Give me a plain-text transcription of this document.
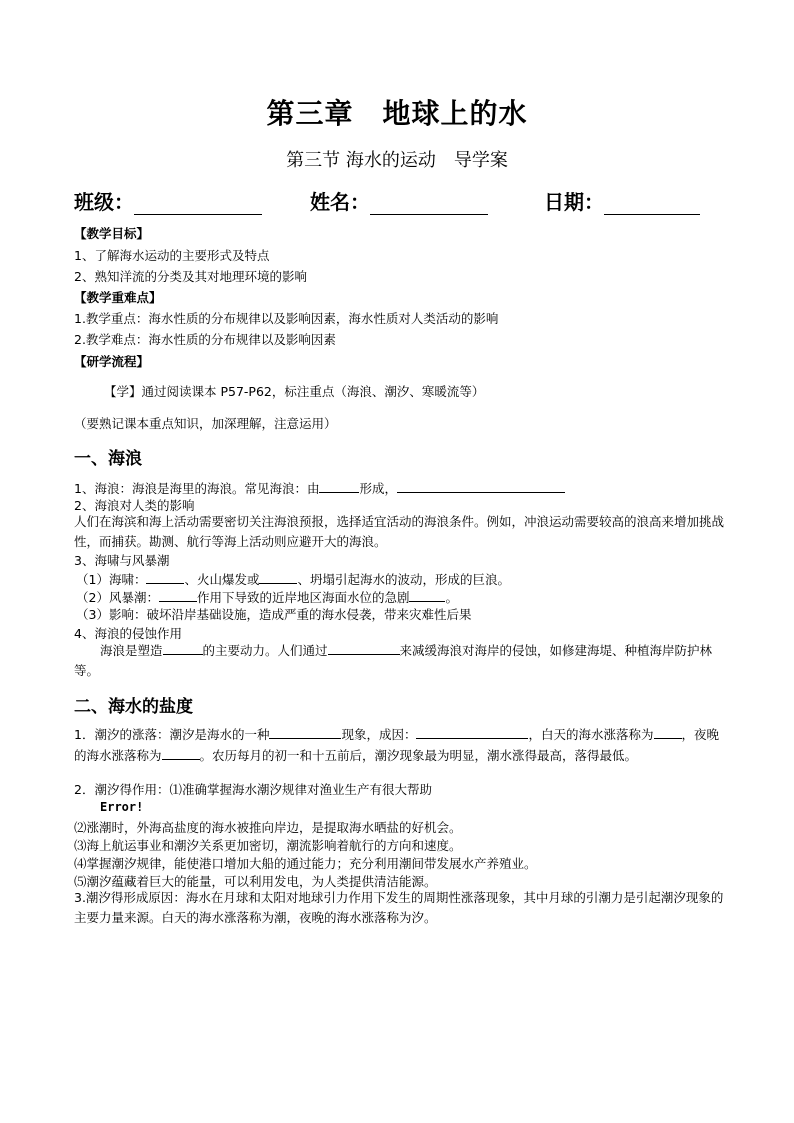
第三章　地球上的水
第三节 海水的运动　导学案
班级：	姓名：	日期：
【教学目标】
1、了解海水运动的主要形式及特点
2、熟知洋流的分类及其对地理环境的影响
【教学重难点】
1.教学重点：海水性质的分布规律以及影响因素，海水性质对人类活动的影响
2.教学难点：海水性质的分布规律以及影响因素
【研学流程】
【学】通过阅读课本 P57-P62，标注重点（海浪、潮汐、寒暖流等）
（要熟记课本重点知识，加深理解，注意运用）
一、海浪
1、海浪：海浪是海里的海浪。常见海浪：由	形成，
2、海浪对人类的影响
人们在海滨和海上活动需要密切关注海浪预报，选择适宜活动的海浪条件。例如，冲浪运动需要较高的浪高来增加挑战性，而捕获。勘测、航行等海上活动则应避开大的海浪。
3、海啸与风暴潮
（1）海啸：	、火山爆发或	、坍塌引起海水的波动，形成的巨浪。
（2）风暴潮：	作用下导致的近岸地区海面水位的急剧	。
（3）影响：破坏沿岸基础设施，造成严重的海水侵袭，带来灾难性后果
4、海浪的侵蚀作用
海浪是塑造	的主要动力。人们通过	来减缓海浪对海岸的侵蚀，如修建海堤、种植海岸防护林等。
二、海水的盐度
1．潮汐的涨落：潮汐是海水的一种	现象，成因：	，白天的海水涨落称为 ，夜晚的海水涨落称为	。农历每月的初一和十五前后，潮汐现象最为明显，潮水涨得最高，落得最低。
2．潮汐得作用：⑴准确掌握海水潮汐规律对渔业生产有很大帮助
Error!
⑵涨潮时，外海高盐度的海水被推向岸边，是提取海水晒盐的好机会。
⑶海上航运事业和潮汐关系更加密切，潮流影响着航行的方向和速度。
⑷掌握潮汐规律，能使港口增加大船的通过能力；充分利用潮间带发展水产养殖业。
⑸潮汐蕴藏着巨大的能量，可以利用发电，为人类提供清洁能源。
3.潮汐得形成原因：海水在月球和太阳对地球引力作用下发生的周期性涨落现象，其中月球的引潮力是引起潮汐现象的主要力量来源。白天的海水涨落称为潮，夜晚的海水涨落称为汐。
